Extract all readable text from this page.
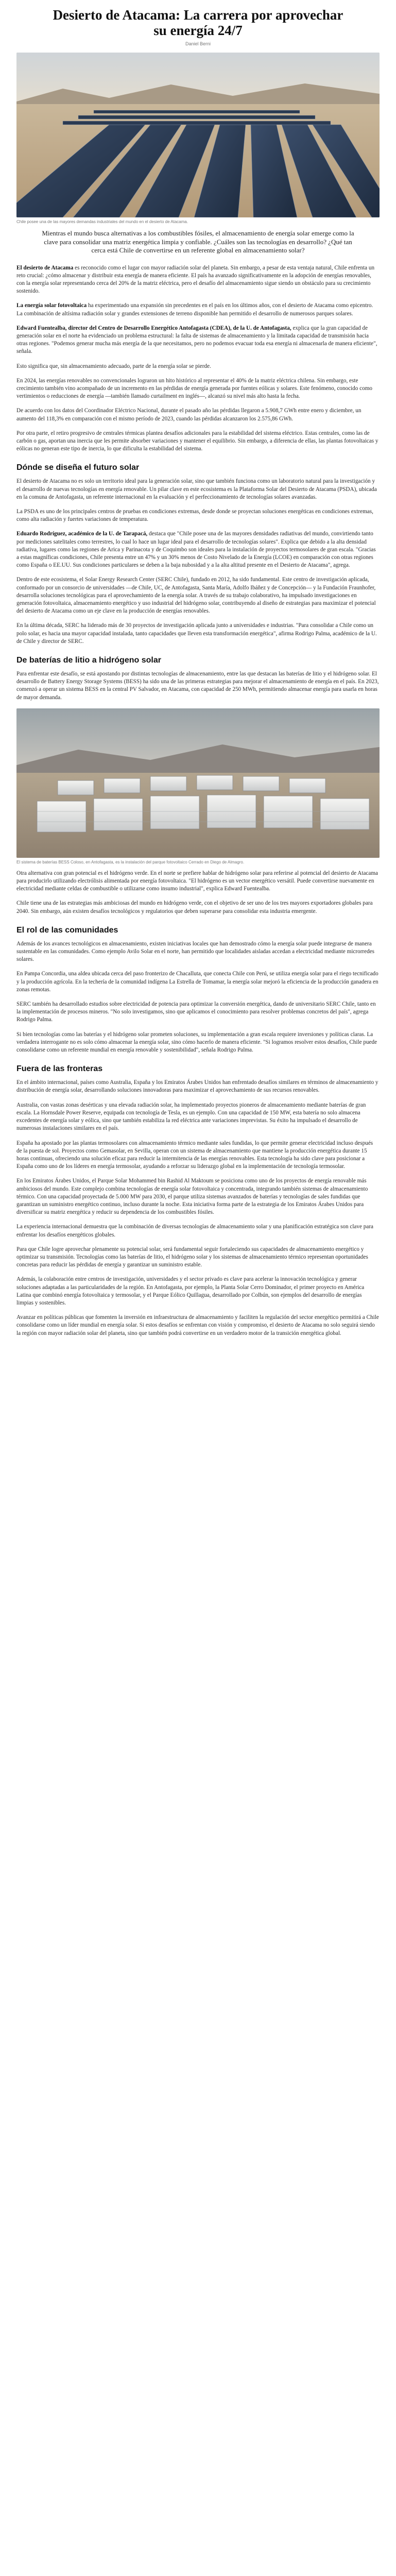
Desierto de Atacama: La carrera por aprovechar su energía 24/7
Daniel Berni
Chile posee una de las mayores demandas industriales del mundo en el desierto de Atacama.
Mientras el mundo busca alternativas a los combustibles fósiles, el almacenamiento de energía solar emerge como la clave para consolidar una matriz energética limpia y confiable. ¿Cuáles son las tecnologías en desarrollo? ¿Qué tan cerca está Chile de convertirse en un referente global en almacenamiento solar?

El desierto de Atacama es reconocido como el lugar con mayor radiación solar del planeta. Sin embargo, a pesar de esta ventaja natural, Chile enfrenta un reto crucial: ¿cómo almacenar y distribuir esta energía de manera eficiente. El país ha avanzado significativamente en la adopción de energías renovables, con la energía solar representando cerca del 20% de la matriz eléctrica, pero el desafío del almacenamiento sigue siendo un obstáculo para su crecimiento sostenido.

La energía solar fotovoltaica ha experimentado una expansión sin precedentes en el país en los últimos años, con el desierto de Atacama como epicentro. La combinación de altísima radiación solar y grandes extensiones de terreno disponible han permitido el desarrollo de numerosos parques solares.

Edward Fuentealba, director del Centro de Desarrollo Energético Antofagasta (CDEA), de la U. de Antofagasta, explica que la gran capacidad de generación solar en el norte ha evidenciado un problema estructural: la falta de sistemas de almacenamiento y la limitada capacidad de transmisión hacia otras regiones. "Podemos generar mucha más energía de la que necesitamos, pero no podemos evacuar toda esa energía ni almacenarla de manera eficiente", señala.

Esto significa que, sin almacenamiento adecuado, parte de la energía solar se pierde.

En 2024, las energías renovables no convencionales lograron un hito histórico al representar el 40% de la matriz eléctrica chilena. Sin embargo, este crecimiento también vino acompañado de un incremento en las pérdidas de energía generada por fuentes eólicas y solares. Este fenómeno, conocido como vertimientos o reducciones de energía —también llamado curtailment en inglés—, alcanzó su nivel más alto hasta la fecha.

De acuerdo con los datos del Coordinador Eléctrico Nacional, durante el pasado año las pérdidas llegaron a 5.908,7 GWh entre enero y diciembre, un aumento del 118,3% en comparación con el mismo período de 2023, cuando las pérdidas alcanzaron los 2.575,86 GWh.

Por otra parte, el retiro progresivo de centrales térmicas plantea desafíos adicionales para la estabilidad del sistema eléctrico. Estas centrales, como las de carbón o gas, aportan una inercia que les permite absorber variaciones y mantener el equilibrio. Sin embargo, a diferencia de ellas, las plantas fotovoltaicas y eólicas no generan este tipo de inercia, lo que dificulta la estabilidad del sistema.

Dónde se diseña el futuro solar

El desierto de Atacama no es solo un territorio ideal para la generación solar, sino que también funciona como un laboratorio natural para la investigación y el desarrollo de nuevas tecnologías en energía renovable. Un pilar clave en este ecosistema es la Plataforma Solar del Desierto de Atacama (PSDA), ubicada en la comuna de Antofagasta, un referente internacional en la evaluación y el perfeccionamiento de tecnologías solares avanzadas.

La PSDA es uno de los principales centros de pruebas en condiciones extremas, desde donde se proyectan soluciones energéticas en condiciones extremas, como alta radiación y fuertes variaciones de temperatura.

Eduardo Rodríguez, académico de la U. de Tarapacá, destaca que "Chile posee una de las mayores densidades radiativas del mundo, convirtiendo tanto por mediciones satelitales como terrestres, lo cual lo hace un lugar ideal para el desarrollo de tecnologías solares". Explica que debido a la alta densidad radiativa, lugares como las regiones de Arica y Parinacota y de Coquimbo son ideales para la instalación de proyectos termosolares de gran escala. "Gracias a estas magníficas condiciones, Chile presenta entre un 47% y un 30% menos de Costo Nivelado de la Energía (LCOE) en comparación con otras regiones como España o EE.UU. Sus condiciones particulares se deben a la baja nubosidad y a la alta altitud presente en el Desierto de Atacama", agrega.

Dentro de este ecosistema, el Solar Energy Research Center (SERC Chile), fundado en 2012, ha sido fundamental. Este centro de investigación aplicada, conformado por un consorcio de universidades —de Chile, UC, de Antofagasta, Santa María, Adolfo Ibáñez y de Concepción— y la Fundación Fraunhofer, desarrolla soluciones tecnológicas para el aprovechamiento de la energía solar. A través de su trabajo colaborativo, ha impulsado investigaciones en generación fotovoltaica, almacenamiento energético y uso industrial del hidrógeno solar, contribuyendo al diseño de estrategias para maximizar el potencial del desierto de Atacama como un eje clave en la producción de energías renovables.

En la última década, SERC ha liderado más de 30 proyectos de investigación aplicada junto a universidades e industrias. "Para consolidar a Chile como un polo solar, es hacia una mayor capacidad instalada, tanto capacidades que lleven esta transformación energética", afirma Rodrigo Palma, académico de la U. de Chile y director de SERC.

De baterías de litio a hidrógeno solar

Para enfrentar este desafío, se está apostando por distintas tecnologías de almacenamiento, entre las que destacan las baterías de litio y el hidrógeno solar. El desarrollo de Battery Energy Storage Systems (BESS) ha sido una de las primeras estrategias para mejorar el almacenamiento de energía en el país. En 2023, comenzó a operar un sistema BESS en la central PV Salvador, en Atacama, con capacidad de 250 MWh, permitiendo almacenar energía para usarla en horas de mayor demanda.

El sistema de baterías BESS Coloso, en Antofagasta, es la instalación del parque fotovoltaico Cerrado en Diego de Almagro.

Otra alternativa con gran potencial es el hidrógeno verde. En el norte se prefiere hablar de hidrógeno solar para referirse al potencial del desierto de Atacama para producirlo utilizando electrólisis alimentada por energía fotovoltaica. "El hidrógeno es un vector energético versátil. Puede convertirse nuevamente en electricidad mediante celdas de combustible o utilizarse como insumo industrial", explica Edward Fuentealba.

Chile tiene una de las estrategias más ambiciosas del mundo en hidrógeno verde, con el objetivo de ser uno de los tres mayores exportadores globales para 2040. Sin embargo, aún existen desafíos tecnológicos y regulatorios que deben superarse para consolidar esta industria emergente.

El rol de las comunidades

Además de los avances tecnológicos en almacenamiento, existen iniciativas locales que han demostrado cómo la energía solar puede integrarse de manera sustentable en las comunidades. Como ejemplo Avilo Solar en el norte, han permitido que localidades aisladas accedan a electricidad mediante microrredes solares.

En Pampa Concordia, una aldea ubicada cerca del paso fronterizo de Chacalluta, que conecta Chile con Perú, se utiliza energía solar para el riego tecnificado y la producción agrícola. En la techería de la comunidad indígena La Estrella de Tomamar, la energía solar mejoró la eficiencia de la producción ganadera en zonas remotas.

SERC también ha desarrollado estudios sobre electricidad de potencia para optimizar la conversión energética, dando de universitario SERC Chile, tanto en la implementación de procesos mineros. "No solo investigamos, sino que aplicamos el conocimiento para resolver problemas concretos del país", agrega Rodrigo Palma.

Si bien tecnologías como las baterías y el hidrógeno solar prometen soluciones, su implementación a gran escala requiere inversiones y políticas claras. La verdadera interrogante no es solo cómo almacenar la energía solar, sino cómo hacerlo de manera eficiente. "Si logramos resolver estos desafíos, Chile puede consolidarse como un referente mundial en energía renovable y sostenibilidad", señala Rodrigo Palma.

Fuera de las fronteras

En el ámbito internacional, países como Australia, España y los Emiratos Árabes Unidos han enfrentado desafíos similares en términos de almacenamiento y distribución de energía solar, desarrollando soluciones innovadoras para maximizar el aprovechamiento de sus recursos renovables.

Australia, con vastas zonas desérticas y una elevada radiación solar, ha implementado proyectos pioneros de almacenamiento mediante baterías de gran escala. La Hornsdale Power Reserve, equipada con tecnología de Tesla, es un ejemplo. Con una capacidad de 150 MW, esta batería no solo almacena excedentes de energía solar y eólica, sino que también estabiliza la red eléctrica ante variaciones imprevistas. Su éxito ha impulsado el desarrollo de numerosas instalaciones similares en el país.

España ha apostado por las plantas termosolares con almacenamiento térmico mediante sales fundidas, lo que permite generar electricidad incluso después de la puesta de sol. Proyectos como Gemasolar, en Sevilla, operan con un sistema de almacenamiento que mantiene la producción energética durante 15 horas continuas, ofreciendo una solución eficaz para reducir la intermitencia de las energías renovables. Esta tecnología ha sido clave para posicionar a España como uno de los líderes en energía termosolar, ayudando a reforzar su liderazgo global en la implementación de tecnología termosolar.

En los Emiratos Árabes Unidos, el Parque Solar Mohammed bin Rashid Al Maktoum se posiciona como uno de los proyectos de energía renovable más ambiciosos del mundo. Este complejo combina tecnologías de energía solar fotovoltaica y concentrada, integrando también sistemas de almacenamiento térmico. Con una capacidad proyectada de 5.000 MW para 2030, el parque utiliza sistemas avanzados de baterías y tecnologías de sales fundidas que garantizan un suministro energético continuo, incluso durante la noche. Esta iniciativa forma parte de la estrategia de los Emiratos Árabes Unidos para diversificar su matriz energética y reducir su dependencia de los combustibles fósiles.

La experiencia internacional demuestra que la combinación de diversas tecnologías de almacenamiento solar y una planificación estratégica son clave para enfrentar los desafíos energéticos globales.

Para que Chile logre aprovechar plenamente su potencial solar, será fundamental seguir fortaleciendo sus capacidades de almacenamiento energético y optimizar su transmisión. Tecnologías como las baterías de litio, el hidrógeno solar y los sistemas de almacenamiento térmico representan oportunidades concretas para reducir las pérdidas de energía y garantizar un suministro estable.

Además, la colaboración entre centros de investigación, universidades y el sector privado es clave para acelerar la innovación tecnológica y generar soluciones adaptadas a las particularidades de la región. En Antofagasta, por ejemplo, la Planta Solar Cerro Dominador, el primer proyecto en América Latina que combinó energía fotovoltaica y termosolar, y el Parque Eólico Quillagua, desarrollado por Colbún, son ejemplos del desarrollo de energías limpias y sostenibles.

Avanzar en políticas públicas que fomenten la inversión en infraestructura de almacenamiento y faciliten la regulación del sector energético permitirá a Chile consolidarse como un líder mundial en energía solar. Si estos desafíos se enfrentan con visión y compromiso, el desierto de Atacama no solo seguirá siendo la región con mayor radiación solar del planeta, sino que también podrá convertirse en un verdadero motor de la transición energética global.
